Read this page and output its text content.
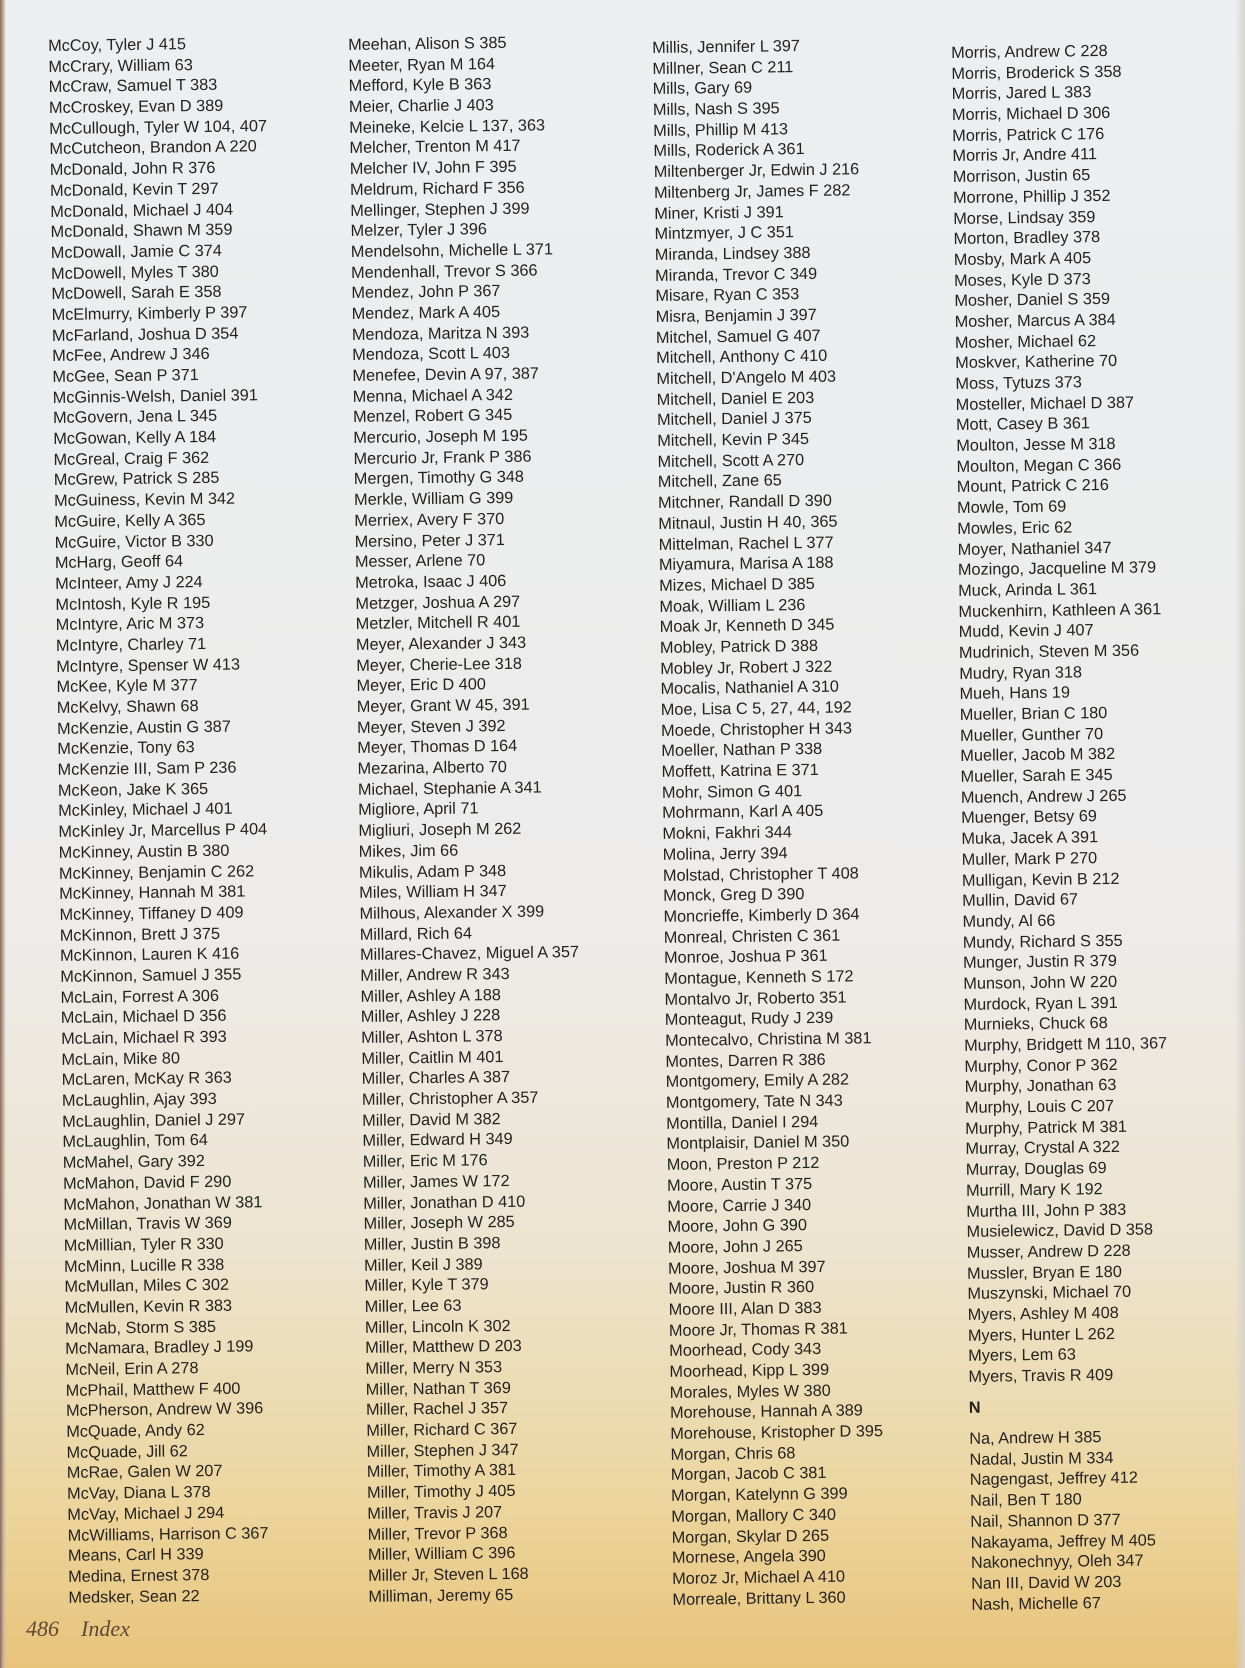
McCoy, Tyler J 415
McCrary, William 63
McCraw, Samuel T 383
McCroskey, Evan D 389
McCullough, Tyler W 104, 407
McCutcheon, Brandon A 220
McDonald, John R 376
McDonald, Kevin T 297
McDonald, Michael J 404
McDonald, Shawn M 359
McDowall, Jamie C 374
McDowell, Myles T 380
McDowell, Sarah E 358
McElmurry, Kimberly P 397
McFarland, Joshua D 354
McFee, Andrew J 346
McGee, Sean P 371
McGinnis-Welsh, Daniel 391
McGovern, Jena L 345
McGowan, Kelly A 184
McGreal, Craig F 362
McGrew, Patrick S 285
McGuiness, Kevin M 342
McGuire, Kelly A 365
McGuire, Victor B 330
McHarg, Geoff 64
McInteer, Amy J 224
McIntosh, Kyle R 195
McIntyre, Aric M 373
McIntyre, Charley 71
McIntyre, Spenser W 413
McKee, Kyle M 377
McKelvy, Shawn 68
McKenzie, Austin G 387
McKenzie, Tony 63
McKenzie III, Sam P 236
McKeon, Jake K 365
McKinley, Michael J 401
McKinley Jr, Marcellus P 404
McKinney, Austin B 380
McKinney, Benjamin C 262
McKinney, Hannah M 381
McKinney, Tiffaney D 409
McKinnon, Brett J 375
McKinnon, Lauren K 416
McKinnon, Samuel J 355
McLain, Forrest A 306
McLain, Michael D 356
McLain, Michael R 393
McLain, Mike 80
McLaren, McKay R 363
McLaughlin, Ajay 393
McLaughlin, Daniel J 297
McLaughlin, Tom 64
McMahel, Gary 392
McMahon, David F 290
McMahon, Jonathan W 381
McMillan, Travis W 369
McMillian, Tyler R 330
McMinn, Lucille R 338
McMullan, Miles C 302
McMullen, Kevin R 383
McNab, Storm S 385
McNamara, Bradley J 199
McNeil, Erin A 278
McPhail, Matthew F 400
McPherson, Andrew W 396
McQuade, Andy 62
McQuade, Jill 62
McRae, Galen W 207
McVay, Diana L 378
McVay, Michael J 294
McWilliams, Harrison C 367
Means, Carl H 339
Medina, Ernest 378
Medsker, Sean 22
Meehan, Alison S 385
Meeter, Ryan M 164
Mefford, Kyle B 363
Meier, Charlie J 403
Meineke, Kelcie L 137, 363
Melcher, Trenton M 417
Melcher IV, John F 395
Meldrum, Richard F 356
Mellinger, Stephen J 399
Melzer, Tyler J 396
Mendelsohn, Michelle L 371
Mendenhall, Trevor S 366
Mendez, John P 367
Mendez, Mark A 405
Mendoza, Maritza N 393
Mendoza, Scott L 403
Menefee, Devin A 97, 387
Menna, Michael A 342
Menzel, Robert G 345
Mercurio, Joseph M 195
Mercurio Jr, Frank P 386
Mergen, Timothy G 348
Merkle, William G 399
Merriex, Avery F 370
Mersino, Peter J 371
Messer, Arlene 70
Metroka, Isaac J 406
Metzger, Joshua A 297
Metzler, Mitchell R 401
Meyer, Alexander J 343
Meyer, Cherie-Lee 318
Meyer, Eric D 400
Meyer, Grant W 45, 391
Meyer, Steven J 392
Meyer, Thomas D 164
Mezarina, Alberto 70
Michael, Stephanie A 341
Migliore, April 71
Migliuri, Joseph M 262
Mikes, Jim 66
Mikulis, Adam P 348
Miles, William H 347
Milhous, Alexander X 399
Millard, Rich 64
Millares-Chavez, Miguel A 357
Miller, Andrew R 343
Miller, Ashley A 188
Miller, Ashley J 228
Miller, Ashton L 378
Miller, Caitlin M 401
Miller, Charles A 387
Miller, Christopher A 357
Miller, David M 382
Miller, Edward H 349
Miller, Eric M 176
Miller, James W 172
Miller, Jonathan D 410
Miller, Joseph W 285
Miller, Justin B 398
Miller, Keil J 389
Miller, Kyle T 379
Miller, Lee 63
Miller, Lincoln K 302
Miller, Matthew D 203
Miller, Merry N 353
Miller, Nathan T 369
Miller, Rachel J 357
Miller, Richard C 367
Miller, Stephen J 347
Miller, Timothy A 381
Miller, Timothy J 405
Miller, Travis J 207
Miller, Trevor P 368
Miller, William C 396
Miller Jr, Steven L 168
Milliman, Jeremy 65
Millis, Jennifer L 397
Millner, Sean C 211
Mills, Gary 69
Mills, Nash S 395
Mills, Phillip M 413
Mills, Roderick A 361
Miltenberger Jr, Edwin J 216
Miltenberg Jr, James F 282
Miner, Kristi J 391
Mintzmyer, J C 351
Miranda, Lindsey 388
Miranda, Trevor C 349
Misare, Ryan C 353
Misra, Benjamin J 397
Mitchel, Samuel G 407
Mitchell, Anthony C 410
Mitchell, D'Angelo M 403
Mitchell, Daniel E 203
Mitchell, Daniel J 375
Mitchell, Kevin P 345
Mitchell, Scott A 270
Mitchell, Zane 65
Mitchner, Randall D 390
Mitnaul, Justin H 40, 365
Mittelman, Rachel L 377
Miyamura, Marisa A 188
Mizes, Michael D 385
Moak, William L 236
Moak Jr, Kenneth D 345
Mobley, Patrick D 388
Mobley Jr, Robert J 322
Mocalis, Nathaniel A 310
Moe, Lisa C 5, 27, 44, 192
Moede, Christopher H 343
Moeller, Nathan P 338
Moffett, Katrina E 371
Mohr, Simon G 401
Mohrmann, Karl A 405
Mokni, Fakhri 344
Molina, Jerry 394
Molstad, Christopher T 408
Monck, Greg D 390
Moncrieffe, Kimberly D 364
Monreal, Christen C 361
Monroe, Joshua P 361
Montague, Kenneth S 172
Montalvo Jr, Roberto 351
Monteagut, Rudy J 239
Montecalvo, Christina M 381
Montes, Darren R 386
Montgomery, Emily A 282
Montgomery, Tate N 343
Montilla, Daniel I 294
Montplaisir, Daniel M 350
Moon, Preston P 212
Moore, Austin T 375
Moore, Carrie J 340
Moore, John G 390
Moore, John J 265
Moore, Joshua M 397
Moore, Justin R 360
Moore III, Alan D 383
Moore Jr, Thomas R 381
Moorhead, Cody 343
Moorhead, Kipp L 399
Morales, Myles W 380
Morehouse, Hannah A 389
Morehouse, Kristopher D 395
Morgan, Chris 68
Morgan, Jacob C 381
Morgan, Katelynn G 399
Morgan, Mallory C 340
Morgan, Skylar D 265
Mornese, Angela 390
Moroz Jr, Michael A 410
Morreale, Brittany L 360
Morris, Andrew C 228
Morris, Broderick S 358
Morris, Jared L 383
Morris, Michael D 306
Morris, Patrick C 176
Morris Jr, Andre 411
Morrison, Justin 65
Morrone, Phillip J 352
Morse, Lindsay 359
Morton, Bradley 378
Mosby, Mark A 405
Moses, Kyle D 373
Mosher, Daniel S 359
Mosher, Marcus A 384
Mosher, Michael 62
Moskver, Katherine 70
Moss, Tytuzs 373
Mosteller, Michael D 387
Mott, Casey B 361
Moulton, Jesse M 318
Moulton, Megan C 366
Mount, Patrick C 216
Mowle, Tom 69
Mowles, Eric 62
Moyer, Nathaniel 347
Mozingo, Jacqueline M 379
Muck, Arinda L 361
Muckenhirn, Kathleen A 361
Mudd, Kevin J 407
Mudrinich, Steven M 356
Mudry, Ryan 318
Mueh, Hans 19
Mueller, Brian C 180
Mueller, Gunther 70
Mueller, Jacob M 382
Mueller, Sarah E 345
Muench, Andrew J 265
Muenger, Betsy 69
Muka, Jacek A 391
Muller, Mark P 270
Mulligan, Kevin B 212
Mullin, David 67
Mundy, Al 66
Mundy, Richard S 355
Munger, Justin R 379
Munson, John W 220
Murdock, Ryan L 391
Murnieks, Chuck 68
Murphy, Bridgett M 110, 367
Murphy, Conor P 362
Murphy, Jonathan 63
Murphy, Louis C 207
Murphy, Patrick M 381
Murray, Crystal A 322
Murray, Douglas 69
Murrill, Mary K 192
Murtha III, John P 383
Musielewicz, David D 358
Musser, Andrew D 228
Mussler, Bryan E 180
Muszynski, Michael 70
Myers, Ashley M 408
Myers, Hunter L 262
Myers, Lem 63
Myers, Travis R 409
N
Na, Andrew H 385
Nadal, Justin M 334
Nagengast, Jeffrey 412
Nail, Ben T 180
Nail, Shannon D 377
Nakayama, Jeffrey M 405
Nakonechnyy, Oleh 347
Nan III, David W 203
Nash, Michelle 67
486 Index
